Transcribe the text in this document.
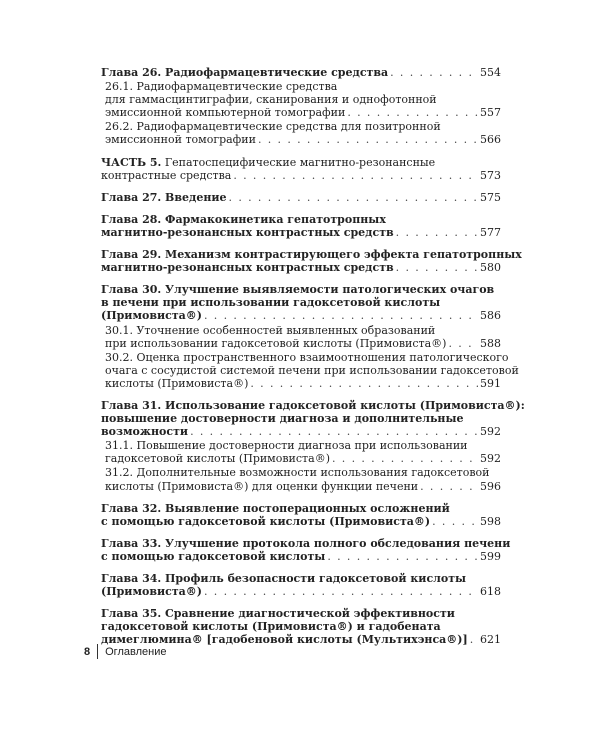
Глава 26. Радиофармацевтические средства . . .	554
26.1. Радиофармацевтические средства
для гаммасцинтиграфии, сканирования и однофотонной
эмиссионной компьютерной томографии . . .	557
26.2. Радиофармацевтические средства для позитронной
эмиссионной томографии . . .	566
ЧАСТЬ 5. Гепатоспецифические магнитно-резонансные
контрастные средства . . .	573
Глава 27. Введение . . .	575
Глава 28. Фармакокинетика гепатотропных
магнитно-резонансных контрастных средств . . .	577
Глава 29. Механизм контрастирующего эффекта гепатотропных
магнитно-резонансных контрастных средств . . .	580
Глава 30. Улучшение выявляемости патологических очагов
в печени при использовании гадоксетовой кислоты
(Примовиста®) . . .	586
30.1. Уточнение особенностей выявленных образований
при использовании гадоксетовой кислоты (Примовиста®) . . .	588
30.2. Оценка пространственного взаимоотношения патологического
очага с сосудистой системой печени при использовании гадоксетовой
кислоты (Примовиста®) . . .	591
Глава 31. Использование гадоксетовой кислоты (Примовиста®):
повышение достоверности диагноза и дополнительные
возможности . . .	592
31.1. Повышение достоверности диагноза при использовании
гадоксетовой кислоты (Примовиста®) . . .	592
31.2. Дополнительные возможности использования гадоксетовой
кислоты (Примовиста®) для оценки функции печени . . .	596
Глава 32. Выявление постоперационных осложнений
с помощью гадоксетовой кислоты (Примовиста®) . . .	598
Глава 33. Улучшение протокола полного обследования печени
с помощью гадоксетовой кислоты . . .	599
Глава 34. Профиль безопасности гадоксетовой кислоты
(Примовиста®) . . .	618
Глава 35. Сравнение диагностической эффективности
гадоксетовой кислоты (Примовиста®) и гадобената
димеглюмина® [гадобеновой кислоты (Мультихэнса®)] . . . 621
8 Оглавление
